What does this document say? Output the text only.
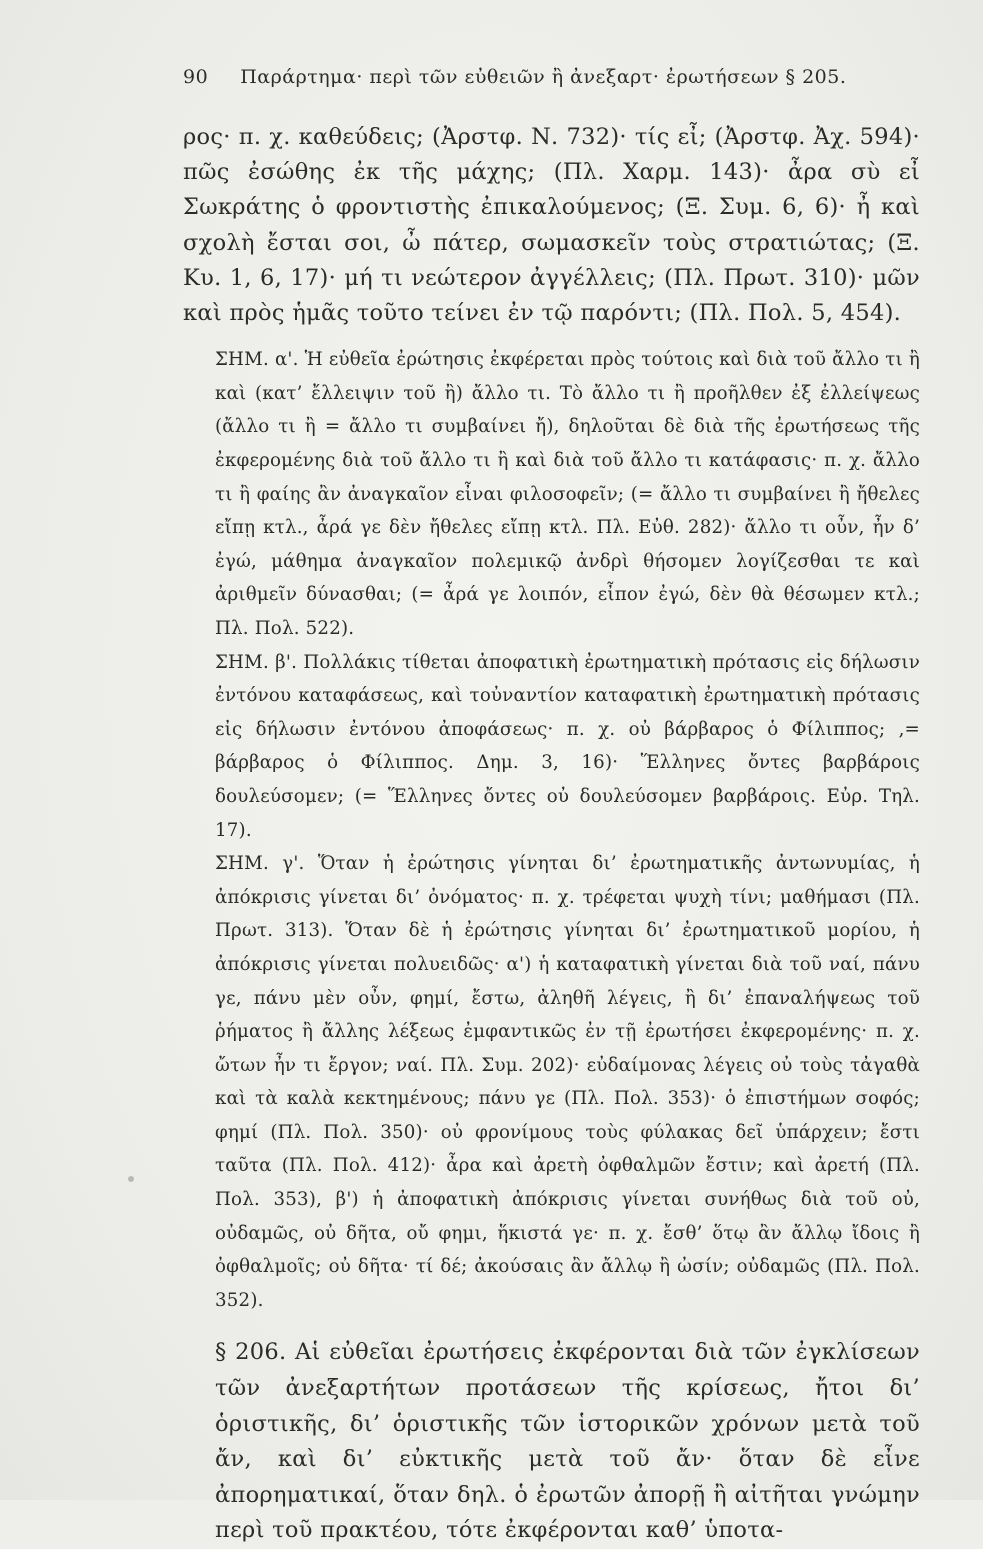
90 Παράρτημα· περὶ τῶν εὐθειῶν ἢ ἀνεξαρτ· ἐρωτήσεων § 205.

ρος· π. χ. καθεύδεις; (Ἀρστφ. Ν. 732)· τίς εἶ; (Ἀρστφ. Ἀχ. 594)· πῶς ἐσώθης ἐκ τῆς μάχης; (Πλ. Χαρμ. 143)· ἆρα σὺ εἶ Σωκράτης ὁ φροντιστὴς ἐπικαλούμενος; (Ξ. Συμ. 6, 6)· ἦ καὶ σχολὴ ἔσται σοι, ὦ πάτερ, σωμασκεῖν τοὺς στρατιώτας; (Ξ. Κυ. 1, 6, 17)· μή τι νεώτερον ἀγγέλλεις; (Πλ. Πρωτ. 310)· μῶν καὶ πρὸς ἡμᾶς τοῦτο τείνει ἐν τῷ παρόντι; (Πλ. Πολ. 5, 454).

ΣΗΜ. α'. Ἡ εὐθεῖα ἐρώτησις ἐκφέρεται πρὸς τούτοις καὶ διὰ τοῦ ἄλλο τι ἢ καὶ (κατ’ ἔλλειψιν τοῦ ἢ) ἄλλο τι. Τὸ ἄλλο τι ἢ προῆλθεν ἐξ ἐλλείψεως (ἄλλο τι ἢ = ἄλλο τι συμβαίνει ἤ), δηλοῦται δὲ διὰ τῆς ἐρωτήσεως τῆς ἐκφερομένης διὰ τοῦ ἄλλο τι ἢ καὶ διὰ τοῦ ἄλλο τι κατάφασις· π. χ. ἄλλο τι ἢ φαίης ἂν ἀναγκαῖον εἶναι φιλοσοφεῖν; (= ἄλλο τι συμβαίνει ἢ ἤθελες εἴπῃ κτλ., ἆρά γε δὲν ἤθελες εἴπῃ κτλ. Πλ. Εὐθ. 282)· ἄλλο τι οὖν, ἦν δ’ ἐγώ, μάθημα ἀναγκαῖον πολεμικῷ ἀνδρὶ θήσομεν λογίζεσθαι τε καὶ ἀριθμεῖν δύνασθαι; (= ἆρά γε λοιπόν, εἶπον ἐγώ, δὲν θὰ θέσωμεν κτλ.; Πλ. Πολ. 522).

ΣΗΜ. β'. Πολλάκις τίθεται ἀποφατικὴ ἐρωτηματικὴ πρότασις εἰς δήλωσιν ἐντόνου καταφάσεως, καὶ τοὐναντίον καταφατικὴ ἐρωτηματικὴ πρότασις εἰς δήλωσιν ἐντόνου ἀποφάσεως· π. χ. οὐ βάρβαρος ὁ Φίλιππος; ,= βάρβαρος ὁ Φίλιππος. Δημ. 3, 16)· Ἕλληνες ὄντες βαρβάροις δουλεύσομεν; (= Ἕλληνες ὄντες οὐ δουλεύσομεν βαρβάροις. Εὐρ. Τηλ. 17).

ΣΗΜ. γ'. Ὅταν ἡ ἐρώτησις γίνηται δι’ ἐρωτηματικῆς ἀντωνυμίας, ἡ ἀπόκρισις γίνεται δι’ ὀνόματος· π. χ. τρέφεται ψυχὴ τίνι; μαθήμασι (Πλ. Πρωτ. 313). Ὅταν δὲ ἡ ἐρώτησις γίνηται δι’ ἐρωτηματικοῦ μορίου, ἡ ἀπόκρισις γίνεται πολυειδῶς· α') ἡ καταφατικὴ γίνεται διὰ τοῦ ναί, πάνυ γε, πάνυ μὲν οὖν, φημί, ἔστω, ἀληθῆ λέγεις, ἢ δι’ ἐπαναλήψεως τοῦ ῥήματος ἢ ἄλλης λέξεως ἐμφαντικῶς ἐν τῇ ἐρωτήσει ἐκφερομένης· π. χ. ὤτων ἦν τι ἔργον; ναί. Πλ. Συμ. 202)· εὐδαίμονας λέγεις οὐ τοὺς τἀγαθὰ καὶ τὰ καλὰ κεκτημένους; πάνυ γε (Πλ. Πολ. 353)· ὁ ἐπιστήμων σοφός; φημί (Πλ. Πολ. 350)· οὐ φρονίμους τοὺς φύλακας δεῖ ὑπάρχειν; ἔστι ταῦτα (Πλ. Πολ. 412)· ἆρα καὶ ἀρετὴ ὀφθαλμῶν ἔστιν; καὶ ἀρετή (Πλ. Πολ. 353), β') ἡ ἀποφατικὴ ἀπόκρισις γίνεται συνήθως διὰ τοῦ οὐ, οὐδαμῶς, οὐ δῆτα, οὔ φημι, ἥκιστά γε· π. χ. ἔσθ’ ὅτῳ ἂν ἄλλῳ ἴδοις ἢ ὀφθαλμοῖς; οὐ δῆτα· τί δέ; ἀκούσαις ἂν ἄλλῳ ἢ ὠσίν; οὐδαμῶς (Πλ. Πολ. 352).

§ 206. Αἱ εὐθεῖαι ἐρωτήσεις ἐκφέρονται διὰ τῶν ἐγκλίσεων τῶν ἀνεξαρτήτων προτάσεων τῆς κρίσεως, ἤτοι δι’ ὁριστικῆς, δι’ ὁριστικῆς τῶν ἱστορικῶν χρόνων μετὰ τοῦ ἄν, καὶ δι’ εὐκτικῆς μετὰ τοῦ ἄν· ὅταν δὲ εἶνε ἀπορηματικαί, ὅταν δηλ. ὁ ἐρωτῶν ἀπορῇ ἢ αἰτῆται γνώμην περὶ τοῦ πρακτέου, τότε ἐκφέρονται καθ’ ὑποτα-
